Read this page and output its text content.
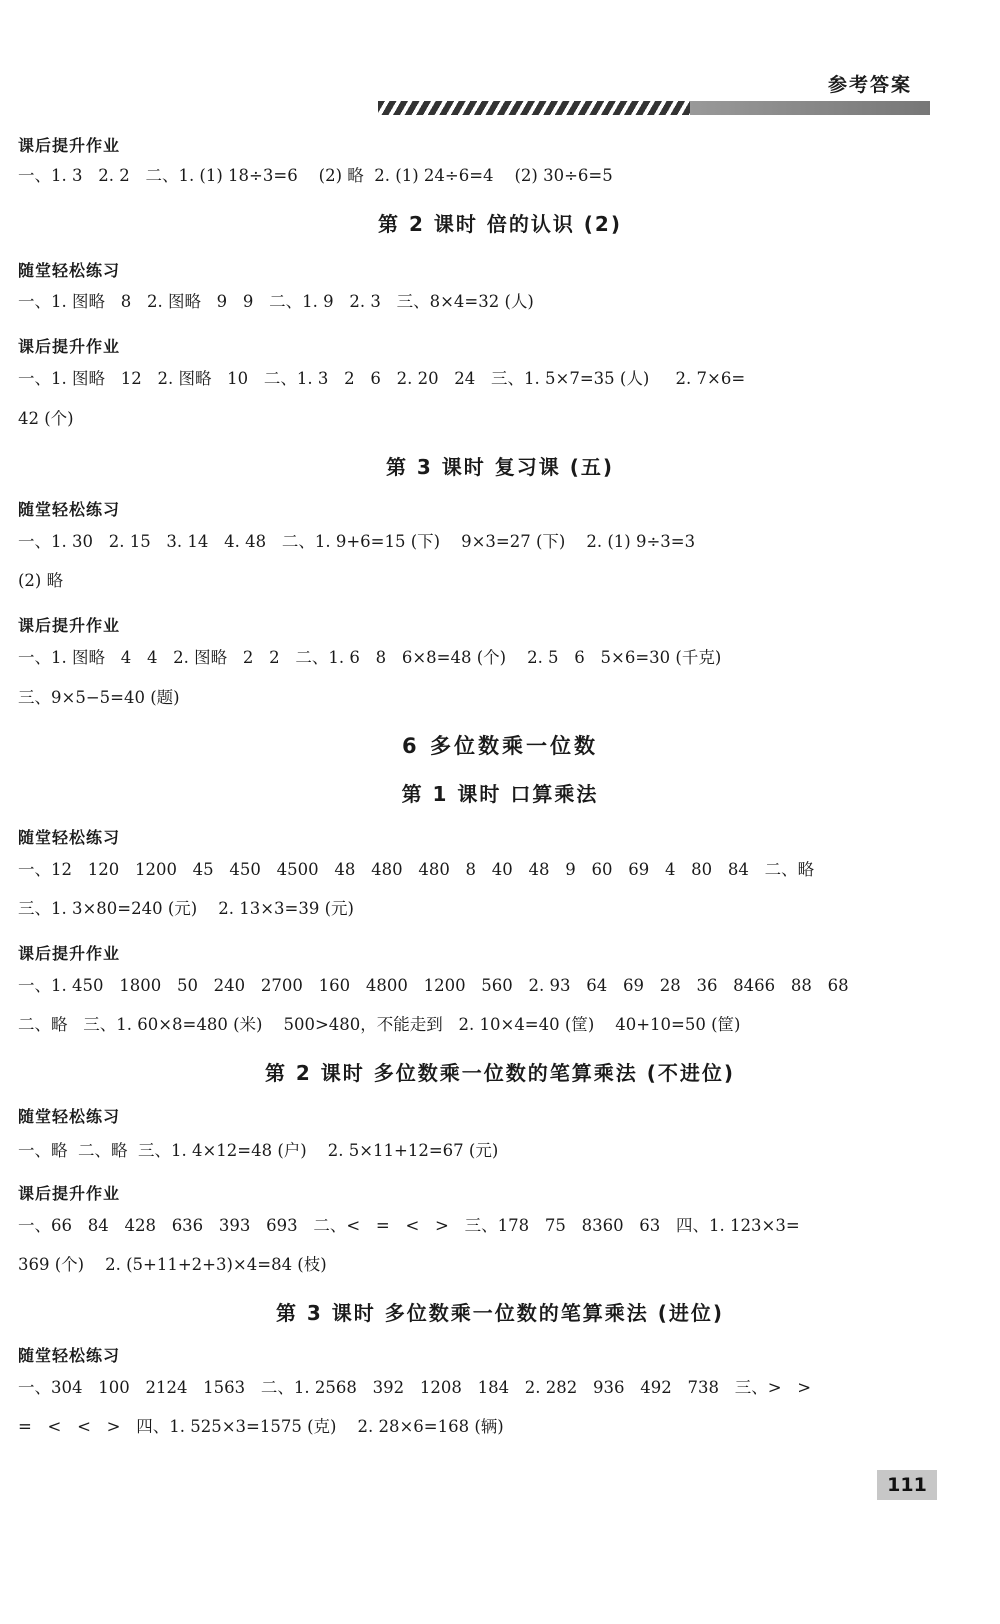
参考答案
课后提升作业
一、1. 3   2. 2   二、1. (1) 18÷3=6    (2) 略  2. (1) 24÷6=4    (2) 30÷6=5
第 2 课时 倍的认识 (2)
随堂轻松练习
一、1. 图略   8   2. 图略   9   9   二、1. 9   2. 3   三、8×4=32 (人)
课后提升作业
一、1. 图略   12   2. 图略   10   二、1. 3   2   6   2. 20   24   三、1. 5×7=35 (人)     2. 7×6=
42 (个)
第 3 课时 复习课 (五)
随堂轻松练习
一、1. 30   2. 15   3. 14   4. 48   二、1. 9+6=15 (下)    9×3=27 (下)    2. (1) 9÷3=3
(2) 略
课后提升作业
一、1. 图略   4   4   2. 图略   2   2   二、1. 6   8   6×8=48 (个)    2. 5   6   5×6=30 (千克)
三、9×5−5=40 (题)
6 多位数乘一位数
第 1 课时 口算乘法
随堂轻松练习
一、12   120   1200   45   450   4500   48   480   480   8   40   48   9   60   69   4   80   84   二、略
三、1. 3×80=240 (元)    2. 13×3=39 (元)
课后提升作业
一、1. 450   1800   50   240   2700   160   4800   1200   560   2. 93   64   69   28   36   8466   88   68
二、略   三、1. 60×8=480 (米)    500>480，不能走到   2. 10×4=40 (筐)    40+10=50 (筐)
第 2 课时 多位数乘一位数的笔算乘法 (不进位)
随堂轻松练习
一、略  二、略  三、1. 4×12=48 (户)    2. 5×11+12=67 (元)
课后提升作业
一、66   84   428   636   393   693   二、<   =   <   >   三、178   75   8360   63   四、1. 123×3=
369 (个)    2. (5+11+2+3)×4=84 (枝)
第 3 课时 多位数乘一位数的笔算乘法 (进位)
随堂轻松练习
一、304   100   2124   1563   二、1. 2568   392   1208   184   2. 282   936   492   738   三、>   >
=   <   <   >   四、1. 525×3=1575 (克)    2. 28×6=168 (辆)
111
